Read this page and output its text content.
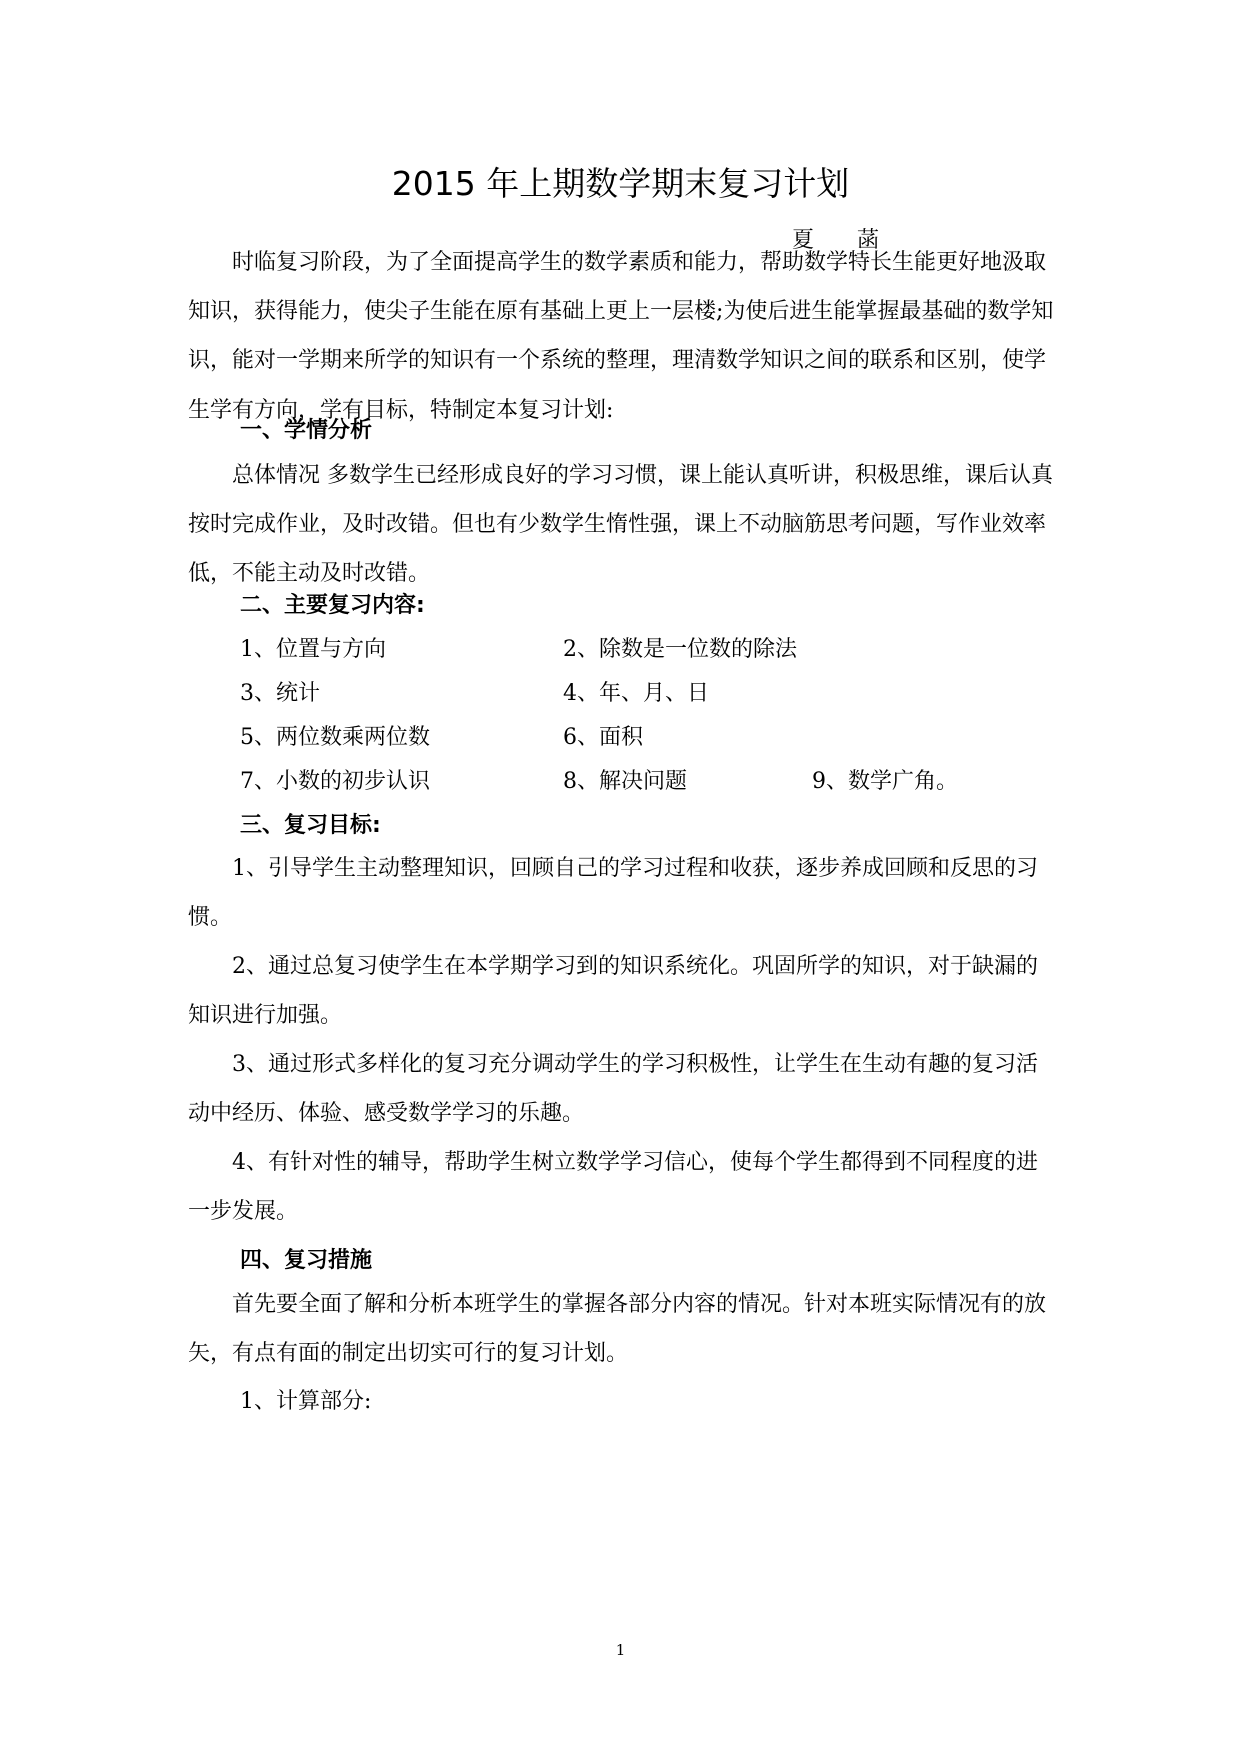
2015 年上期数学期末复习计划
夏 菡

时临复习阶段，为了全面提高学生的数学素质和能力，帮助数学特长生能更好地汲取知识，获得能力，使尖子生能在原有基础上更上一层楼;为使后进生能掌握最基础的数学知识，能对一学期来所学的知识有一个系统的整理，理清数学知识之间的联系和区别，使学生学有方向，学有目标，特制定本复习计划:

一、学情分析

总体情况 多数学生已经形成良好的学习习惯，课上能认真听讲，积极思维，课后认真按时完成作业，及时改错。但也有少数学生惰性强，课上不动脑筋思考问题，写作业效率低，不能主动及时改错。

二、主要复习内容:
1、位置与方向	2、除数是一位数的除法
3、统计	4、年、月、日
5、两位数乘两位数	6、面积
7、小数的初步认识	8、解决问题	9、数学广角。
三、复习目标:

1、引导学生主动整理知识，回顾自己的学习过程和收获，逐步养成回顾和反思的习惯。

2、通过总复习使学生在本学期学习到的知识系统化。巩固所学的知识，对于缺漏的知识进行加强。

3、通过形式多样化的复习充分调动学生的学习积极性，让学生在生动有趣的复习活动中经历、体验、感受数学学习的乐趣。

4、有针对性的辅导，帮助学生树立数学学习信心，使每个学生都得到不同程度的进一步发展。

四、复习措施

首先要全面了解和分析本班学生的掌握各部分内容的情况。针对本班实际情况有的放矢，有点有面的制定出切实可行的复习计划。

1、计算部分:
1
